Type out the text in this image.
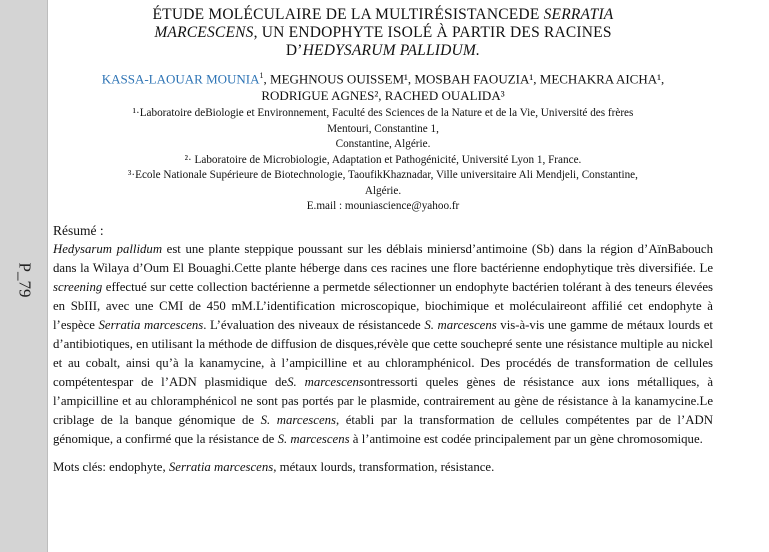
P_79
ÉTUDE MOLÉCULAIRE DE LA MULTIRÉSISTANCEDE SERRATIA
MARCESCENS, UN ENDOPHYTE ISOLÉ À PARTIR DES RACINES
D’HEDYSARUM PALLIDUM.
KASSA-LAOUAR MOUNIA$^1$, MEGHNOUS OUISSEM¹, MOSBAH FAOUZIA¹, MECHAKRA AICHA¹,
RODRIGUE AGNES², RACHED OUALIDA³
¹·Laboratoire deBiologie et Environnement, Faculté des Sciences de la Nature et de la Vie, Université des frères
Mentouri, Constantine 1,
Constantine, Algérie.
²· Laboratoire de Microbiologie, Adaptation et Pathogénicité, Université Lyon 1, France.
³·Ecole Nationale Supérieure de Biotechnologie, TaoufikKhaznadar, Ville universitaire Ali Mendjeli, Constantine,
Algérie.
E.mail : mouniascience@yahoo.fr
Résumé :
Hedysarum pallidum est une plante steppique poussant sur les déblais miniersd’antimoine (Sb) dans la région d’AïnBabouch dans la Wilaya d’Oum El Bouaghi.Cette plante héberge dans ces racines une flore bactérienne endophytique très diversifiée. Le screening effectué sur cette collection bactérienne a permetde sélectionner un endophyte bactérien tolérant à des teneurs élevées en SbIII, avec une CMI de 450 mM.L’identification microscopique, biochimique et moléculaireont affilié cet endophyte à l’espèce Serratia marcescens. L’évaluation des niveaux de résistancede S. marcescens vis-à-vis une gamme de métaux lourds et d’antibiotiques, en utilisant la méthode de diffusion de disques,révèle que cette souchepré sente une résistance multiple au nickel et au cobalt, ainsi qu’à la kanamycine, à l’ampicilline et au chloramphénicol. Des procédés de transformation de cellules compétentespar de l’ADN plasmidique deS. marcescensontressorti queles gènes de résistance aux ions métalliques, à l’ampicilline et au chloramphénicol ne sont pas portés par le plasmide, contrairement au gène de résistance à la kanamycine.Le criblage de la banque génomique de S. marcescens, établi par la transformation de cellules compétentes par de l’ADN génomique, a confirmé que la résistance de S. marcescens à l’antimoine est codée principalement par un gène chromosomique.
Mots clés: endophyte, Serratia marcescens, métaux lourds, transformation, résistance.
